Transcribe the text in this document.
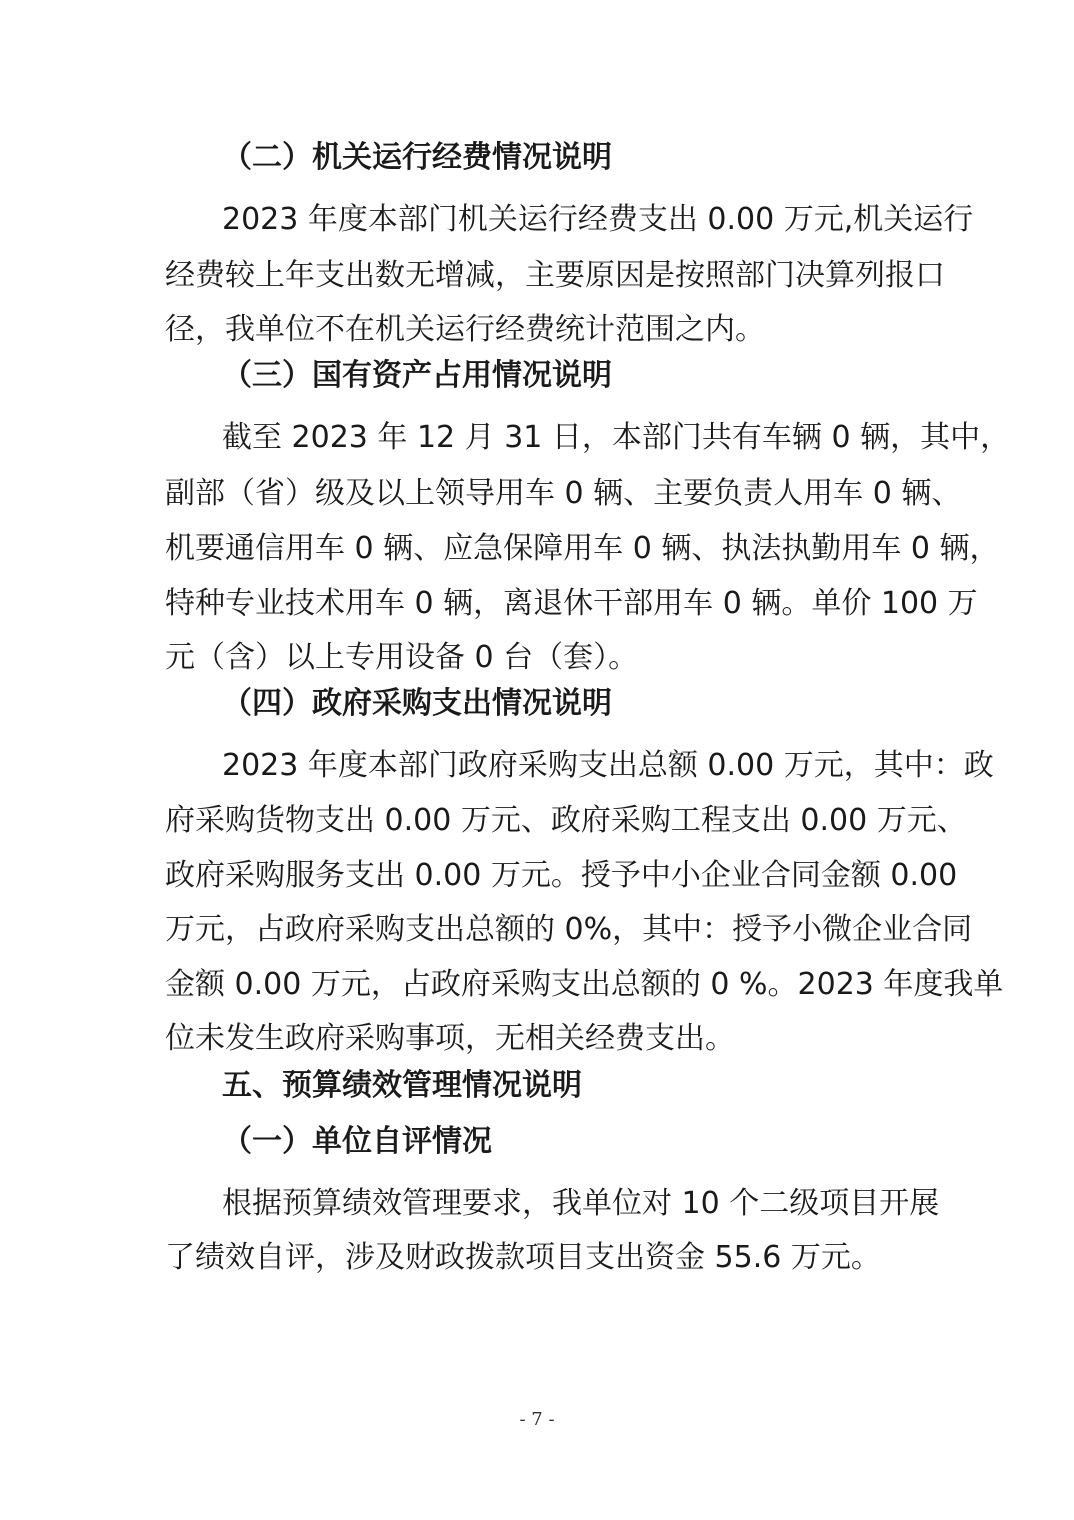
（二）机关运行经费情况说明
2023 年度本部门机关运行经费支出 0.00 万元,机关运行
经费较上年支出数无增减，主要原因是按照部门决算列报口
径，我单位不在机关运行经费统计范围之内。
（三）国有资产占用情况说明
截至 2023 年 12 月 31 日，本部门共有车辆 0 辆，其中，
副部（省）级及以上领导用车 0 辆、主要负责人用车 0 辆、
机要通信用车 0 辆、应急保障用车 0 辆、执法执勤用车 0 辆，
特种专业技术用车 0 辆，离退休干部用车 0 辆。单价 100 万
元（含）以上专用设备 0 台（套）。
（四）政府采购支出情况说明
2023 年度本部门政府采购支出总额 0.00 万元，其中：政
府采购货物支出 0.00 万元、政府采购工程支出 0.00 万元、
政府采购服务支出 0.00 万元。授予中小企业合同金额 0.00
万元，占政府采购支出总额的 0%，其中：授予小微企业合同
金额 0.00 万元，占政府采购支出总额的 0 %。2023 年度我单
位未发生政府采购事项，无相关经费支出。
五、预算绩效管理情况说明
（一）单位自评情况
根据预算绩效管理要求，我单位对 10 个二级项目开展
了绩效自评，涉及财政拨款项目支出资金 55.6 万元。
- 7 -
